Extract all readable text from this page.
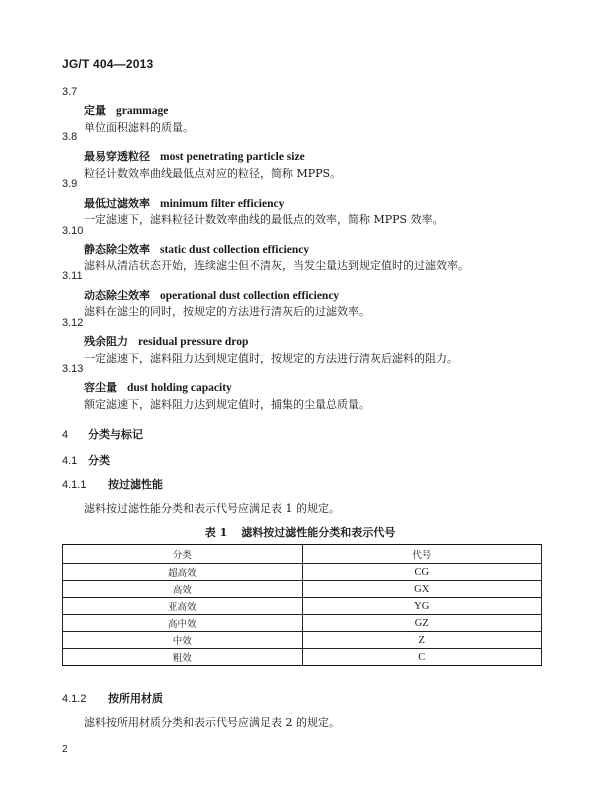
JG/T 404—2013
3.7
定量 grammage
单位面积滤料的质量。
3.8
最易穿透粒径 most penetrating particle size
粒径计数效率曲线最低点对应的粒径，简称 MPPS。
3.9
最低过滤效率 minimum filter efficiency
一定滤速下，滤料粒径计数效率曲线的最低点的效率，简称 MPPS 效率。
3.10
静态除尘效率 static dust collection efficiency
滤料从清洁状态开始，连续滤尘但不清灰，当发尘量达到规定值时的过滤效率。
3.11
动态除尘效率 operational dust collection efficiency
滤料在滤尘的同时，按规定的方法进行清灰后的过滤效率。
3.12
残余阻力 residual pressure drop
一定滤速下，滤料阻力达到规定值时，按规定的方法进行清灰后滤料的阻力。
3.13
容尘量 dust holding capacity
额定滤速下，滤料阻力达到规定值时，捕集的尘量总质量。
4 分类与标记
4.1 分类
4.1.1 按过滤性能
滤料按过滤性能分类和表示代号应满足表 1 的规定。
表 1 滤料按过滤性能分类和表示代号
分类	代号
超高效	CG
高效	GX
亚高效	YG
高中效	GZ
中效	Z
粗效	C
4.1.2 按所用材质
滤料按所用材质分类和表示代号应满足表 2 的规定。
2
